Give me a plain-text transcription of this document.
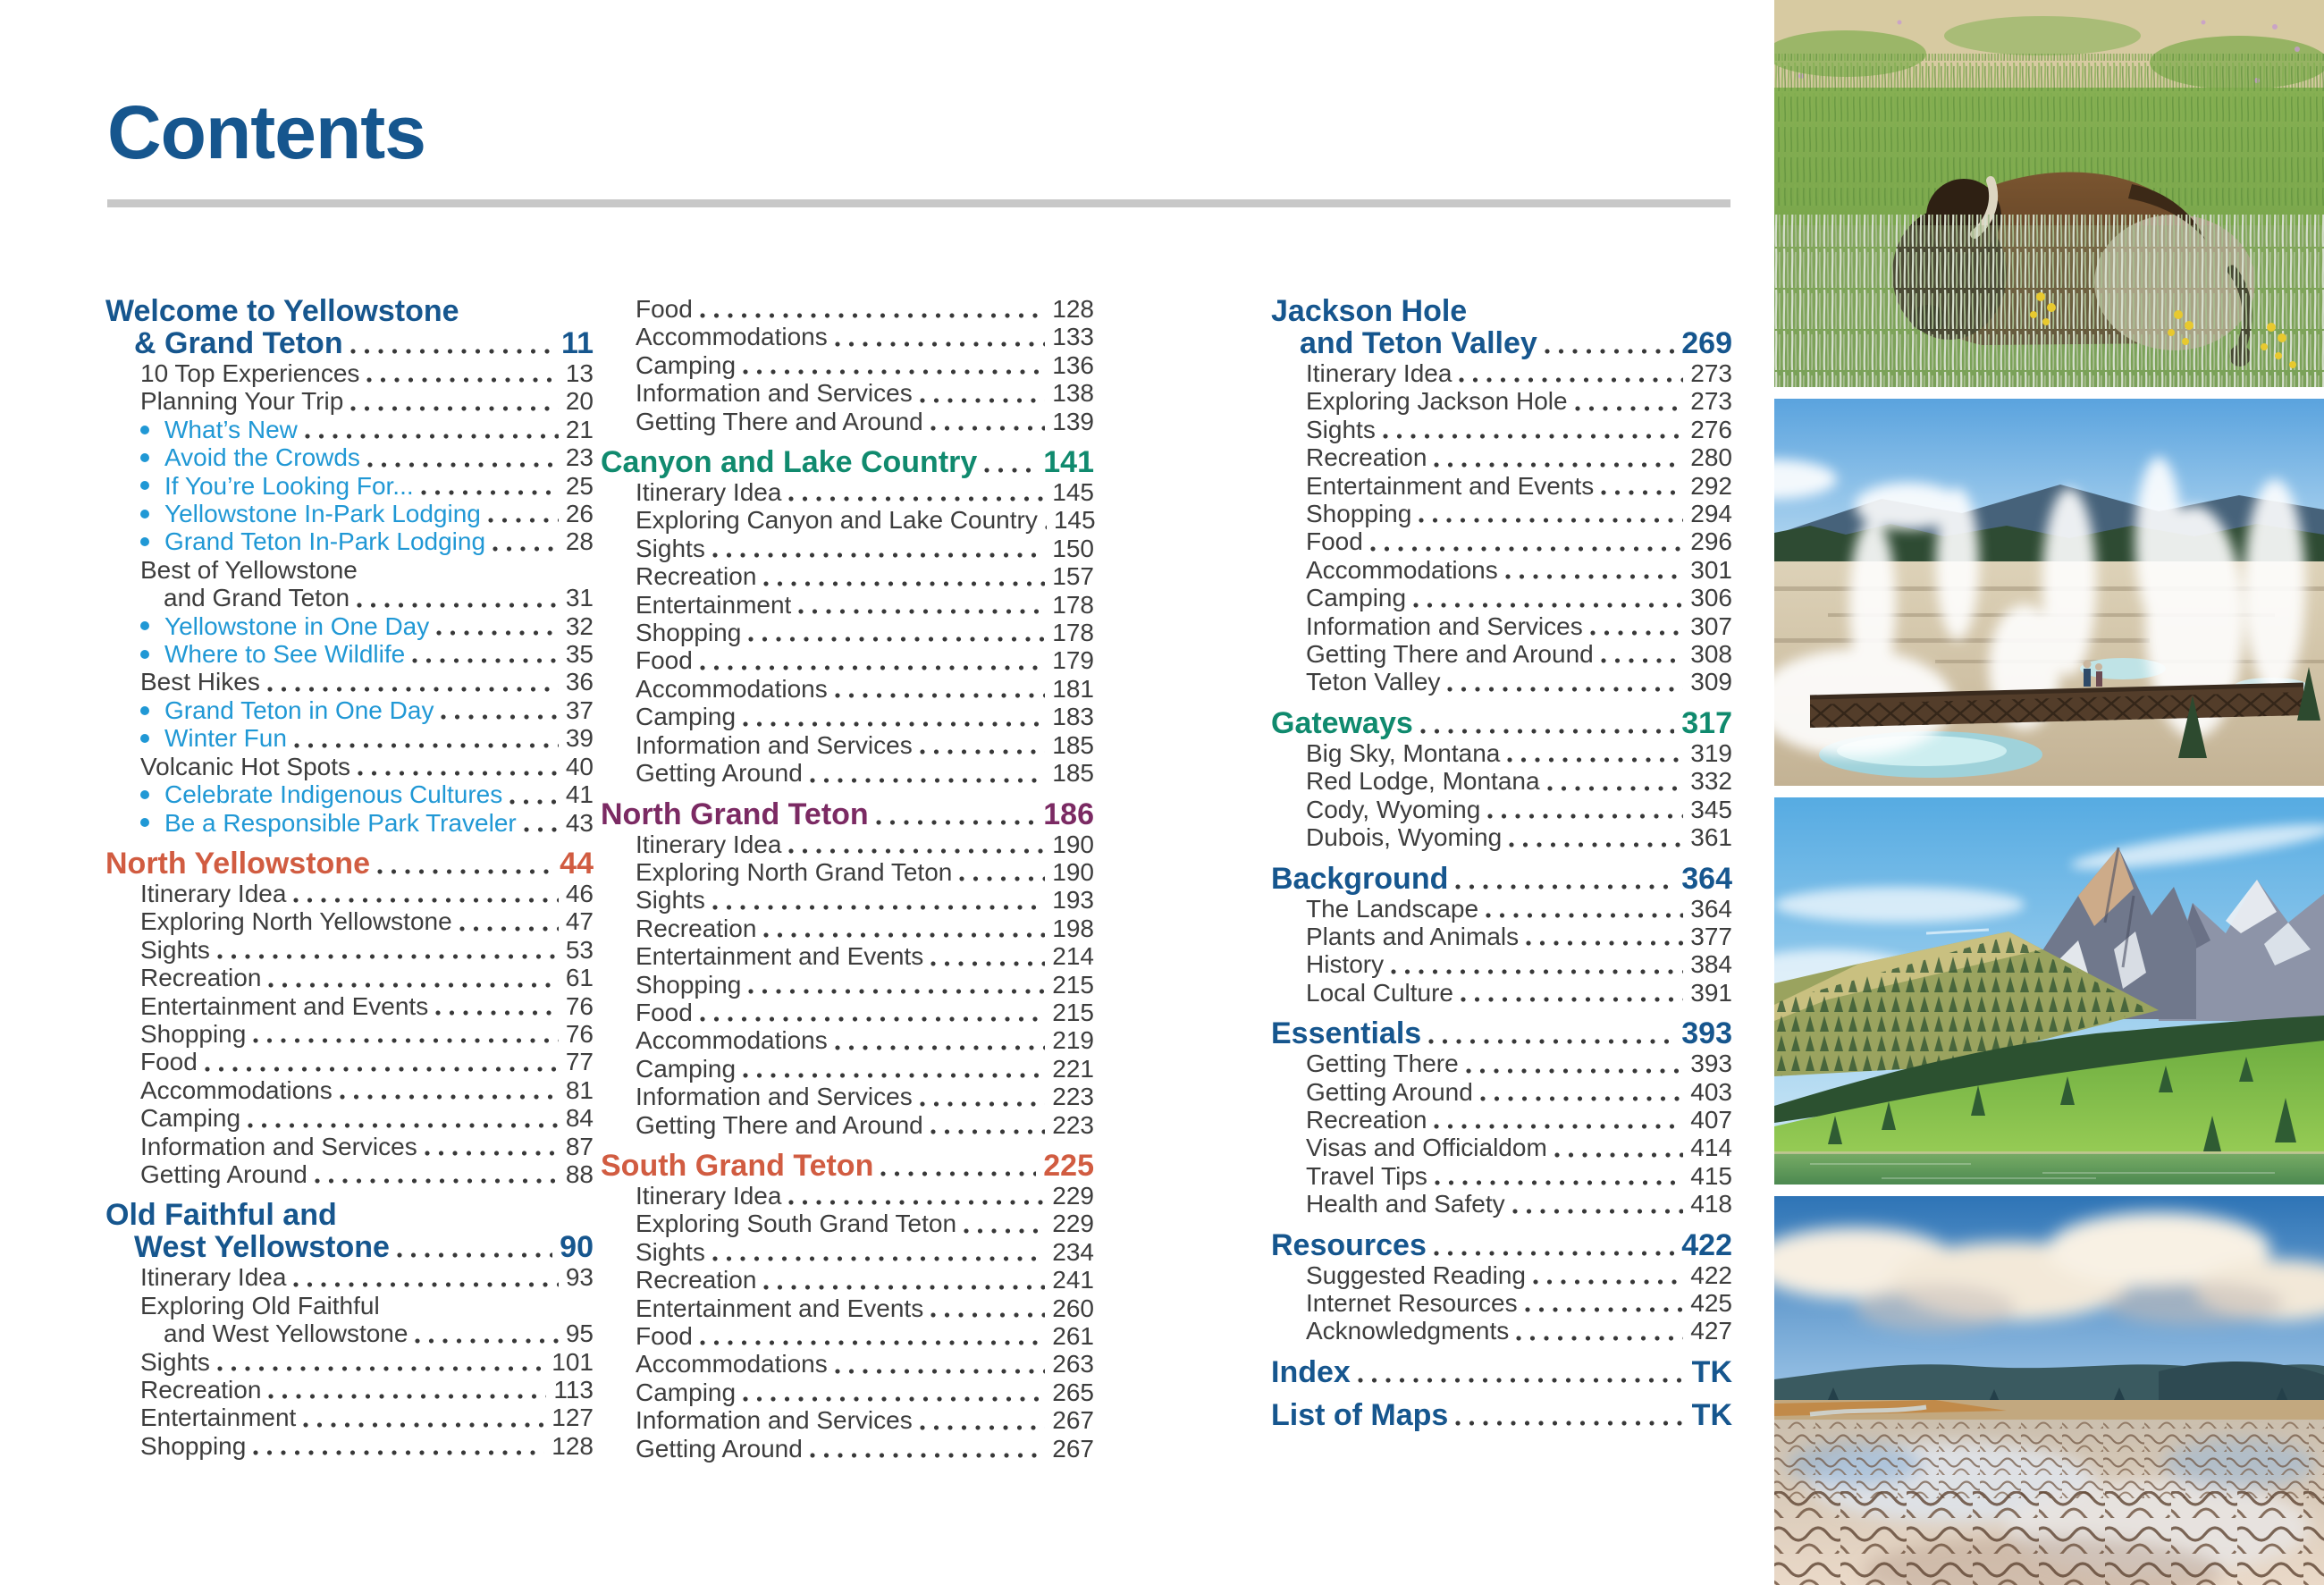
Contents
Welcome to Yellowstone
& Grand Teton	11
10 Top Experiences	13
Planning Your Trip	20
What’s New	21
Avoid the Crowds	23
If You’re Looking For...	25
Yellowstone In-Park Lodging	26
Grand Teton In-Park Lodging	28
Best of Yellowstone
and Grand Teton	31
Yellowstone in One Day	32
Where to See Wildlife	35
Best Hikes	36
Grand Teton in One Day	37
Winter Fun	39
Volcanic Hot Spots	40
Celebrate Indigenous Cultures	41
Be a Responsible Park Traveler 43
North Yellowstone	44
Itinerary Idea	46
Exploring North Yellowstone	47
Sights	53
Recreation	61
Entertainment and Events	76
Shopping	76
Food	77
Accommodations	81
Camping	84
Information and Services	87
Getting Around	88
Old Faithful and
West Yellowstone	90
Itinerary Idea	93
Exploring Old Faithful
and West Yellowstone	95
Sights	101
Recreation	113
Entertainment	127
Shopping	128
Food	128
Accommodations	133
Camping	136
Information and Services	138
Getting There and Around	139
Canyon and Lake Country 141
Itinerary Idea	145
Exploring Canyon and Lake Country 145
Sights	150
Recreation	157
Entertainment	178
Shopping	178
Food	179
Accommodations	181
Camping	183
Information and Services	185
Getting Around	185
North Grand Teton	186
Itinerary Idea	190
Exploring North Grand Teton	190
Sights	193
Recreation	198
Entertainment and Events	214
Shopping	215
Food	215
Accommodations	219
Camping	221
Information and Services	223
Getting There and Around	223
South Grand Teton	225
Itinerary Idea	229
Exploring South Grand Teton	229
Sights	234
Recreation	241
Entertainment and Events	260
Food	261
Accommodations	263
Camping	265
Information and Services	267
Getting Around	267
Jackson Hole
and Teton Valley	269
Itinerary Idea	273
Exploring Jackson Hole	273
Sights	276
Recreation	280
Entertainment and Events	292
Shopping	294
Food	296
Accommodations	301
Camping	306
Information and Services	307
Getting There and Around	308
Teton Valley	309
Gateways	317
Big Sky, Montana	319
Red Lodge, Montana	332
Cody, Wyoming	345
Dubois, Wyoming	361
Background	364
The Landscape	364
Plants and Animals	377
History	384
Local Culture	391
Essentials	393
Getting There	393
Getting Around	403
Recreation	407
Visas and Officialdom	414
Travel Tips	415
Health and Safety	418
Resources	422
Suggested Reading	422
Internet Resources	425
Acknowledgments	427
Index	TK
List of Maps	TK
